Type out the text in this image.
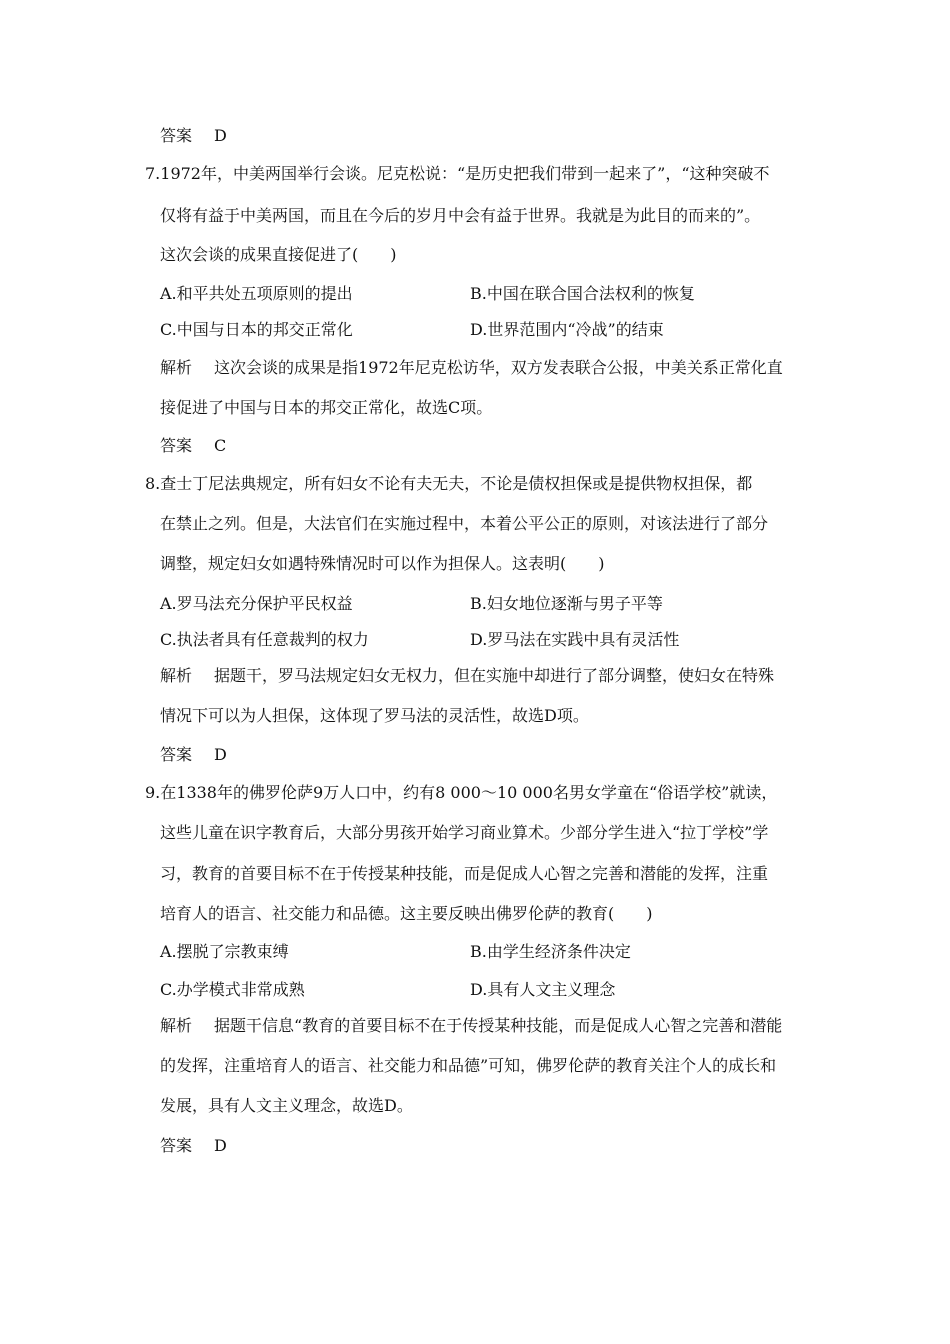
答案 D
7.1972年，中美两国举行会谈。尼克松说：“是历史把我们带到一起来了”，“这种突破不
仅将有益于中美两国，而且在今后的岁月中会有益于世界。我就是为此目的而来的”。
这次会谈的成果直接促进了(　　)
A.和平共处五项原则的提出	B.中国在联合国合法权利的恢复
C.中国与日本的邦交正常化	D.世界范围内“冷战”的结束
解析 这次会谈的成果是指1972年尼克松访华，双方发表联合公报，中美关系正常化直
接促进了中国与日本的邦交正常化，故选C项。
答案 C
8.查士丁尼法典规定，所有妇女不论有夫无夫，不论是债权担保或是提供物权担保，都
在禁止之列。但是，大法官们在实施过程中，本着公平公正的原则，对该法进行了部分
调整，规定妇女如遇特殊情况时可以作为担保人。这表明(　　)
A.罗马法充分保护平民权益	B.妇女地位逐渐与男子平等
C.执法者具有任意裁判的权力	D.罗马法在实践中具有灵活性
解析 据题干，罗马法规定妇女无权力，但在实施中却进行了部分调整，使妇女在特殊
情况下可以为人担保，这体现了罗马法的灵活性，故选D项。
答案 D
9.在1338年的佛罗伦萨9万人口中，约有8 000～10 000名男女学童在“俗语学校”就读，
这些儿童在识字教育后，大部分男孩开始学习商业算术。少部分学生进入“拉丁学校”学
习，教育的首要目标不在于传授某种技能，而是促成人心智之完善和潜能的发挥，注重
培育人的语言、社交能力和品德。这主要反映出佛罗伦萨的教育(　　)
A.摆脱了宗教束缚	B.由学生经济条件决定
C.办学模式非常成熟	D.具有人文主义理念
解析 据题干信息“教育的首要目标不在于传授某种技能，而是促成人心智之完善和潜能
的发挥，注重培育人的语言、社交能力和品德”可知，佛罗伦萨的教育关注个人的成长和
发展，具有人文主义理念，故选D。
答案 D
